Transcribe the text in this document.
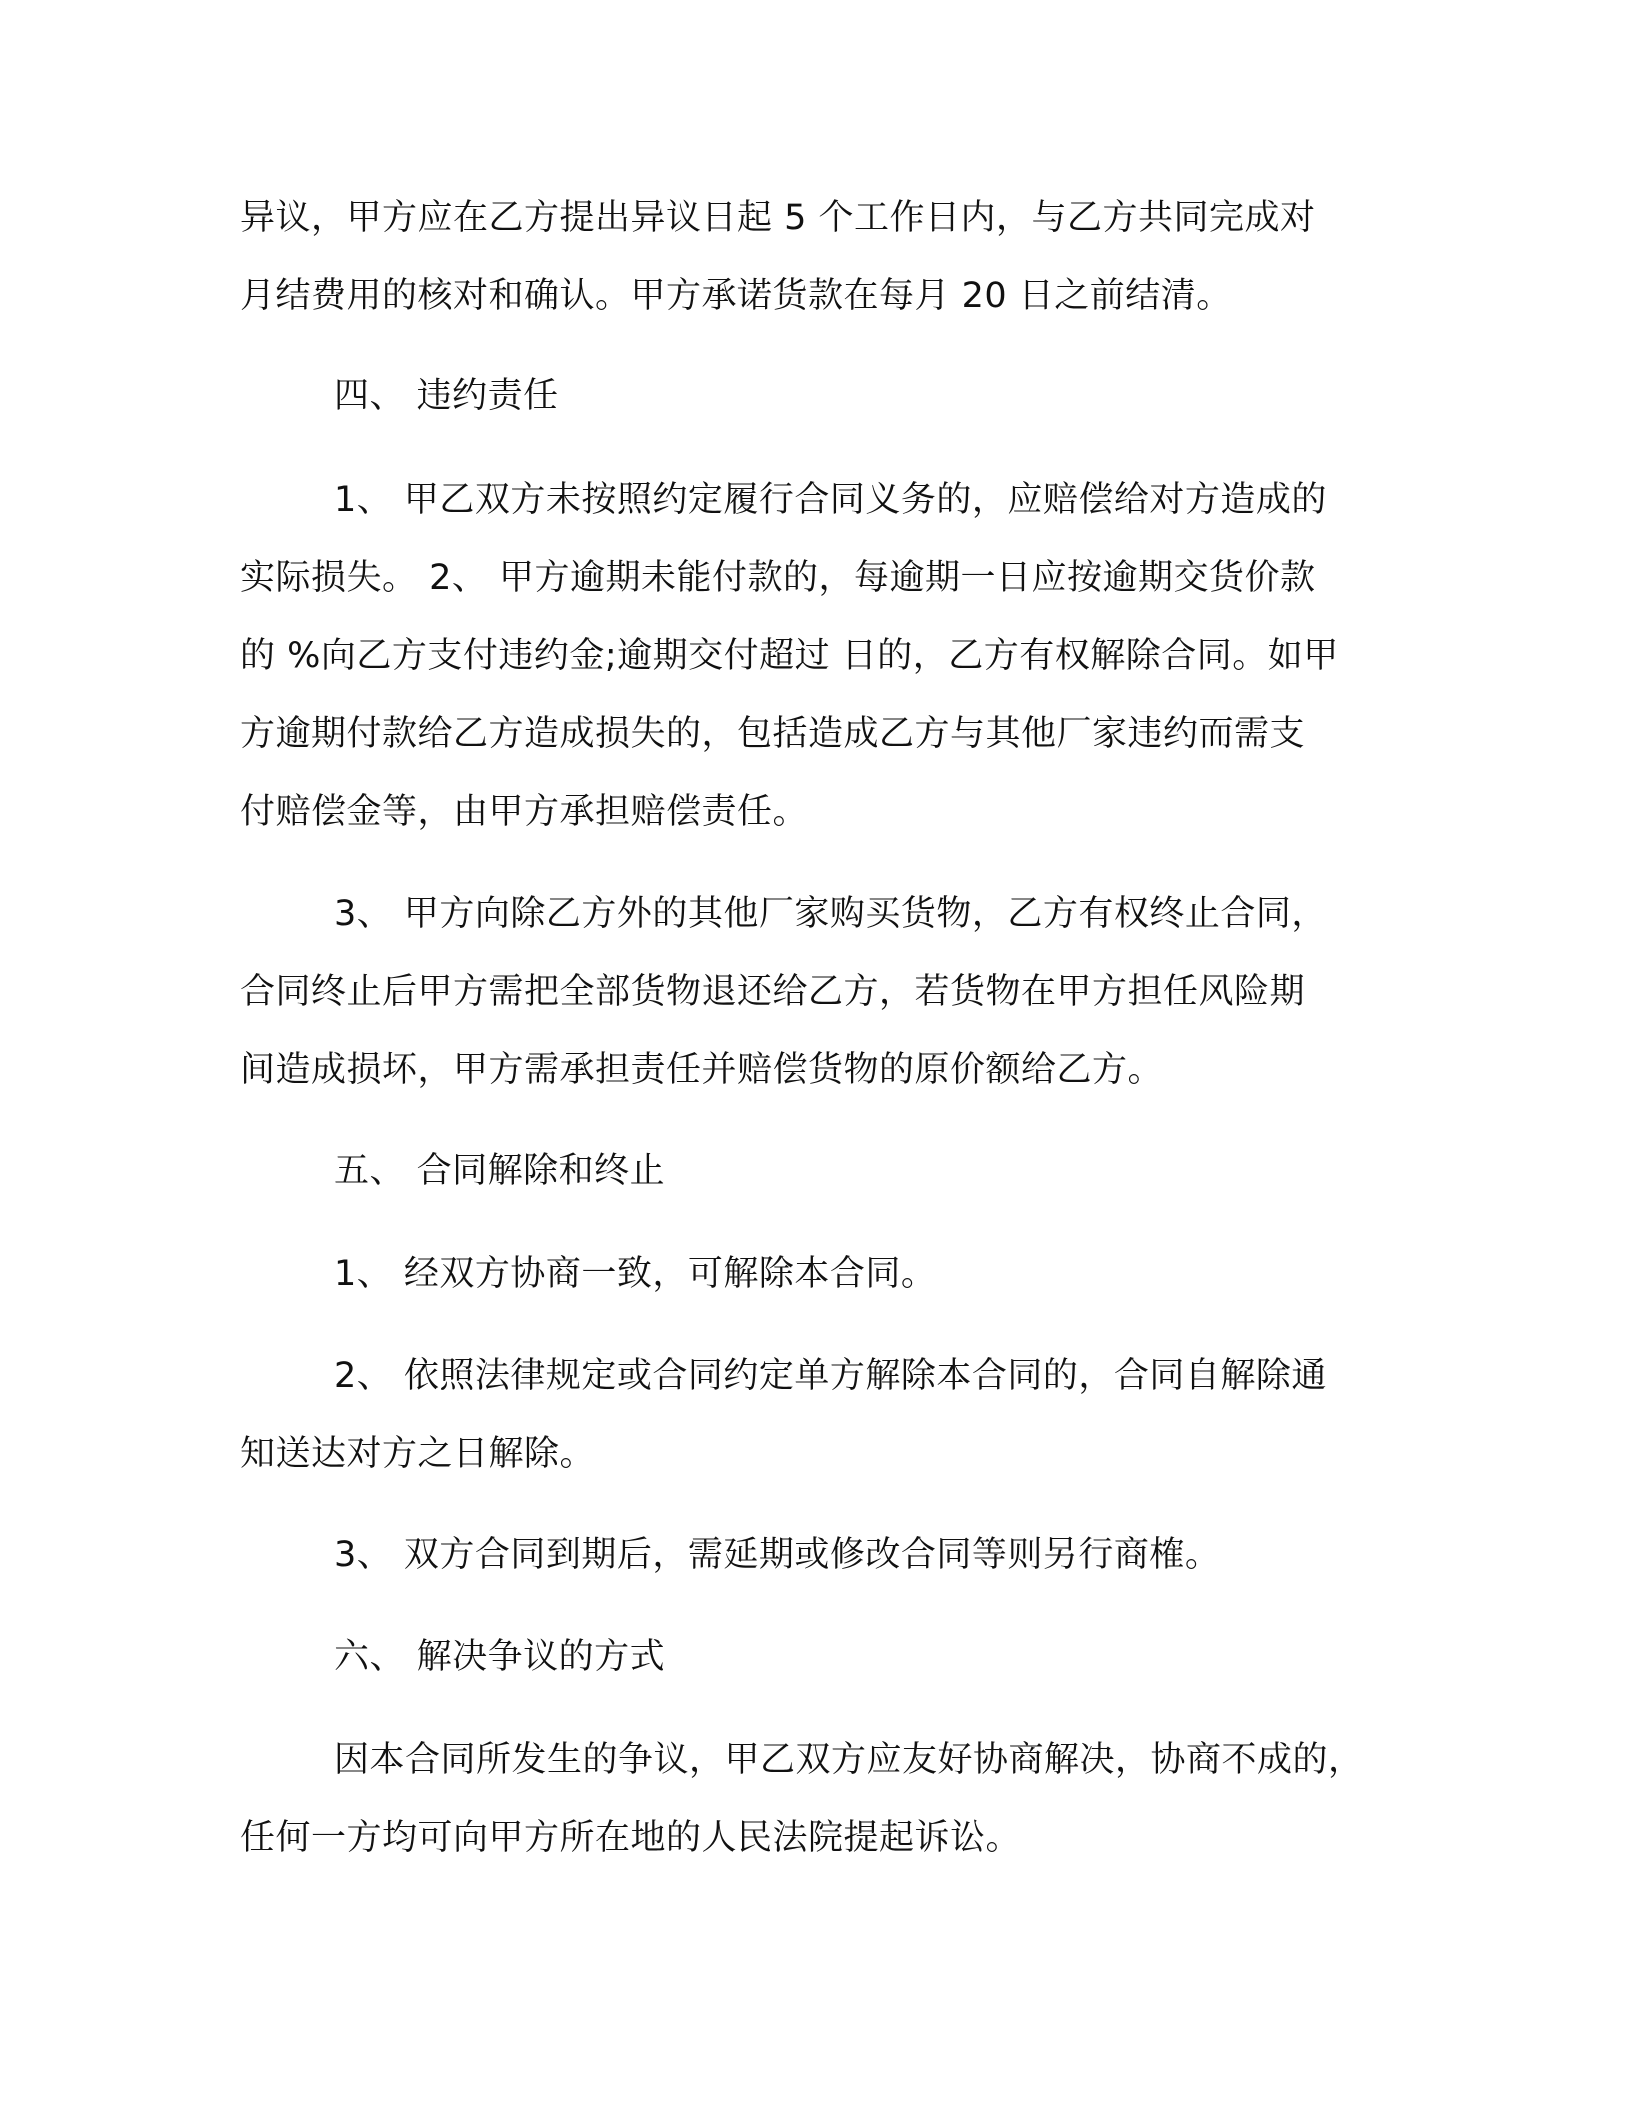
异议，甲方应在乙方提出异议日起 5 个工作日内，与乙方共同完成对
月结费用的核对和确认。甲方承诺货款在每月 20 日之前结清。
四、 违约责任
1、 甲乙双方未按照约定履行合同义务的，应赔偿给对方造成的
实际损失。 2、 甲方逾期未能付款的，每逾期一日应按逾期交货价款
的 %向乙方支付违约金;逾期交付超过 日的，乙方有权解除合同。如甲
方逾期付款给乙方造成损失的，包括造成乙方与其他厂家违约而需支
付赔偿金等，由甲方承担赔偿责任。
3、 甲方向除乙方外的其他厂家购买货物，乙方有权终止合同，
合同终止后甲方需把全部货物退还给乙方，若货物在甲方担任风险期
间造成损坏，甲方需承担责任并赔偿货物的原价额给乙方。
五、 合同解除和终止
1、 经双方协商一致，可解除本合同。
2、 依照法律规定或合同约定单方解除本合同的，合同自解除通
知送达对方之日解除。
3、 双方合同到期后，需延期或修改合同等则另行商榷。
六、 解决争议的方式
因本合同所发生的争议，甲乙双方应友好协商解决，协商不成的，
任何一方均可向甲方所在地的人民法院提起诉讼。
